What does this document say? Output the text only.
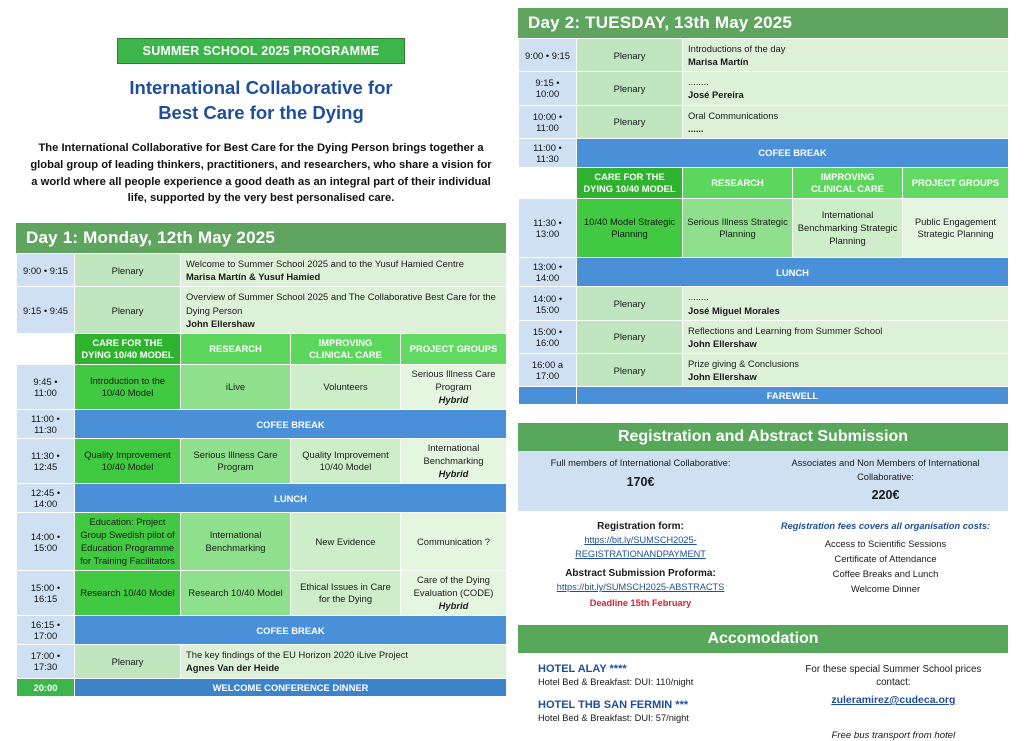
SUMMER SCHOOL 2025 PROGRAMME
International Collaborative for
Best Care for the Dying
The International Collaborative for Best Care for the Dying Person brings together a global group of leading thinkers, practitioners, and researchers, who share a vision for a world where all people experience a good death as an integral part of their individual life, supported by the very best personalised care.
Day 1: Monday, 12th May 2025
9:00 • 9:15	Plenary	Welcome to Summer School 2025 and to the Yusuf Hamied Centre
Marisa Martín & Yusuf Hamied		
9:15 • 9:45	Plenary	Overview of Summer School 2025 and The Collaborative Best Care for the Dying Person
John Ellershaw		
	CARE FOR THE DYING 10/40 MODEL	RESEARCH	IMPROVING CLINICAL CARE	PROJECT GROUPS
9:45 • 11:00	Introduction to the 10/40 Model	iLive	Volunteers	Serious Illness Care Program
Hybrid
11:00 • 11:30	COFEE BREAK			
11:30 • 12:45	Quality Improvement 10/40 Model	Serious Illness Care Program	Quality Improvement 10/40 Model	International Benchmarking
Hybrid
12:45 • 14:00	LUNCH			
14:00 • 15:00	Education: Project Group Swedish pilot of Education Programme for Training Facilitators	International Benchmarking	New Evidence	Communication ?
15:00 • 16:15	Research 10/40 Model	Research 10/40 Model	Ethical Issues in Care for the Dying	Care of the Dying Evaluation (CODE)
Hybrid
16:15 • 17:00	COFEE BREAK			
17:00 • 17:30	Plenary	The key findings of the EU Horizon 2020 iLive Project
Agnes Van der Heide		
20:00	WELCOME CONFERENCE DINNER			
Day 2: TUESDAY, 13th May 2025
9:00 • 9:15	Plenary	Introductions of the day
Marisa Martín		
9:15 • 10:00	Plenary	........
José Pereira		
10:00 • 11:00	Plenary	Oral Communications
......		
11:00 • 11:30	COFEE BREAK			
	CARE FOR THE DYING 10/40 MODEL	RESEARCH	IMPROVING CLINICAL CARE	PROJECT GROUPS
11:30 • 13:00	10/40 Model Strategic Planning	Serious Illness Strategic Planning	International Benchmarking Strategic Planning	Public Engagement Strategic Planning
13:00 • 14:00	LUNCH			
14:00 • 15:00	Plenary	........
José Miguel Morales		
15:00 • 16:00	Plenary	Reflections and Learning from Summer School
John Ellershaw		
16:00 a 17:00	Plenary	Prize giving & Conclusions
John Ellershaw		
	FAREWELL			
Registration and Abstract Submission
Full members of International Collaborative:
170€
Associates and Non Members of International Collaborative:
220€
Registration form:
https://bit.ly/SUMSCH2025-
REGISTRATIONANDPAYMENT
Abstract Submission Proforma:
https://bit.ly/SUMSCH2025-ABSTRACTS
Deadline 15th February
Registration fees covers all organisation costs:
Access to Scientific Sessions
Certificate of Attendance
Coffee Breaks and Lunch
Welcome Dinner
Accomodation
HOTEL ALAY ****
Hotel Bed & Breakfast: DUI: 110/night
HOTEL THB SAN FERMIN ***
Hotel Bed & Breakfast: DUI: 57/night
For these special Summer School prices
contact:
zuleramirez@cudeca.org
Free bus transport from hotel
